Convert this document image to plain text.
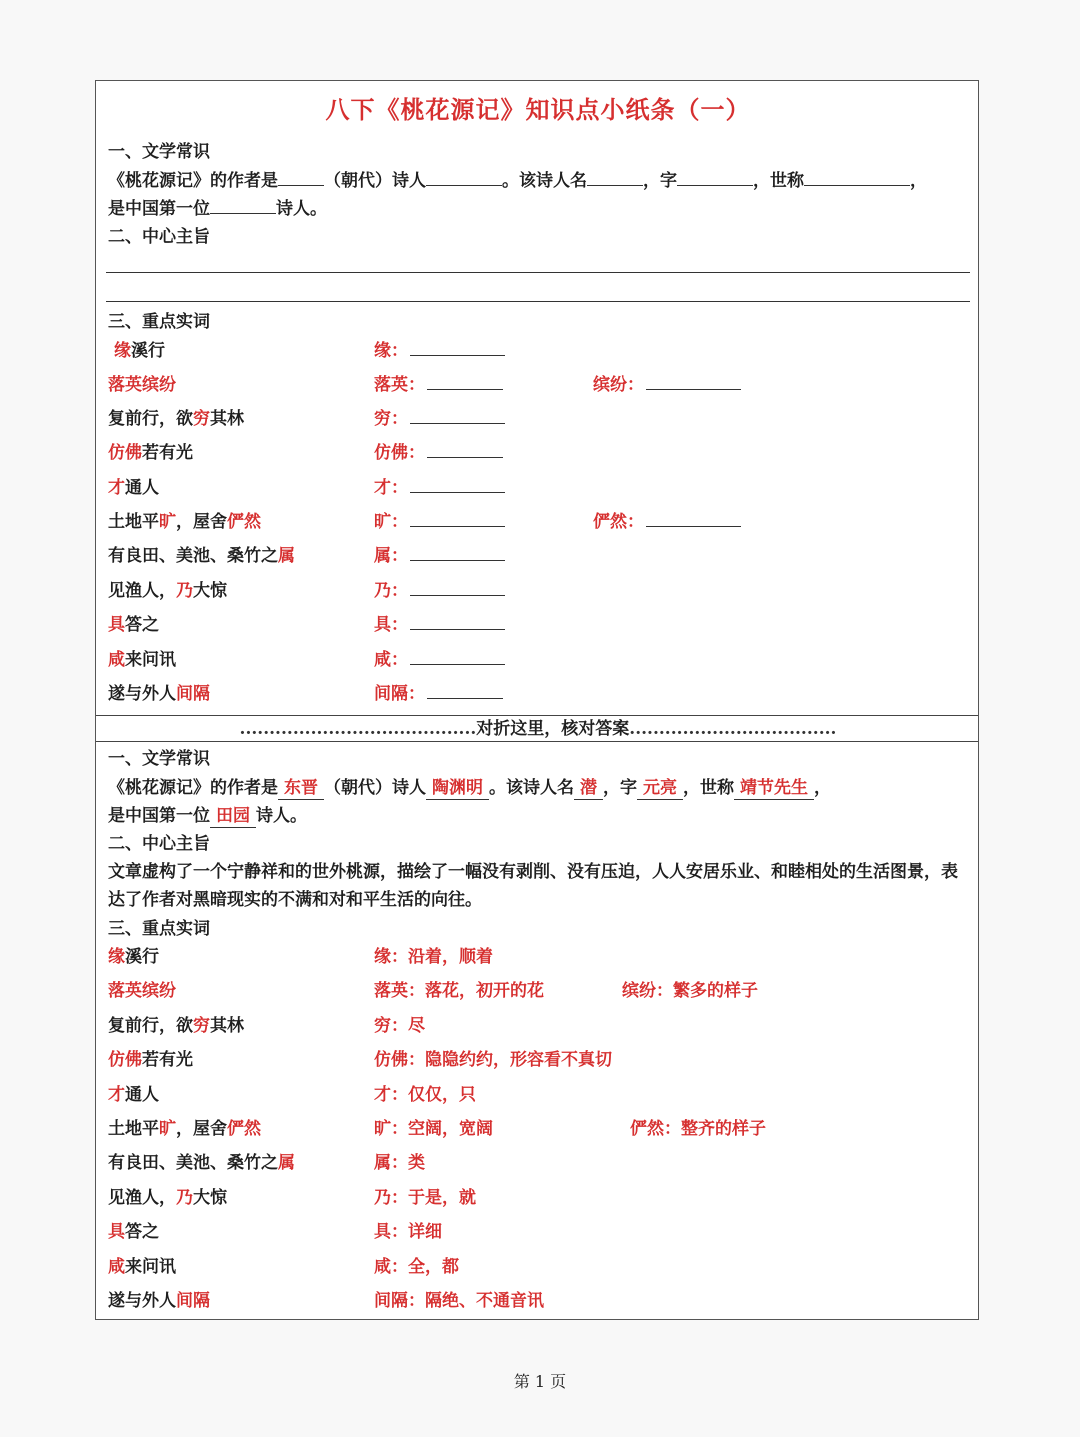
八下《桃花源记》知识点小纸条（一）
一、文学常识
《桃花源记》的作者是	（朝代）诗人	。该诗人名	，字	，世称	，
是中国第一位	诗人。
二、中心主旨
三、重点实词
缘溪行	缘：
落英缤纷	落英：	缤纷：
复前行，欲穷其林	穷：
仿佛若有光	仿佛：
才通人	才：
土地平旷，屋舍俨然	旷：	俨然：
有良田、美池、桑竹之属	属：
见渔人，乃大惊	乃：
具答之	具：
咸来问讯	咸：
遂与外人间隔	间隔：
........................................对折这里，核对答案...................................
一、文学常识
《桃花源记》的作者是 东晋 （朝代）诗人 陶渊明 。该诗人名 潜 ，字 元亮 ，世称 靖节先生 ，
是中国第一位 田园 诗人。
二、中心主旨
文章虚构了一个宁静祥和的世外桃源，描绘了一幅没有剥削、没有压迫，人人安居乐业、和睦相处的生活图景，表达了作者对黑暗现实的不满和对和平生活的向往。
三、重点实词
缘溪行	缘：沿着，顺着
落英缤纷	落英：落花，初开的花	缤纷：繁多的样子
复前行，欲穷其林	穷：尽
仿佛若有光	仿佛：隐隐约约，形容看不真切
才通人	才：仅仅，只
土地平旷，屋舍俨然	旷：空阔，宽阔	俨然：整齐的样子
有良田、美池、桑竹之属	属：类
见渔人，乃大惊	乃：于是，就
具答之	具：详细
咸来问讯	咸：全，都
遂与外人间隔	间隔：隔绝、不通音讯
第 1 页
